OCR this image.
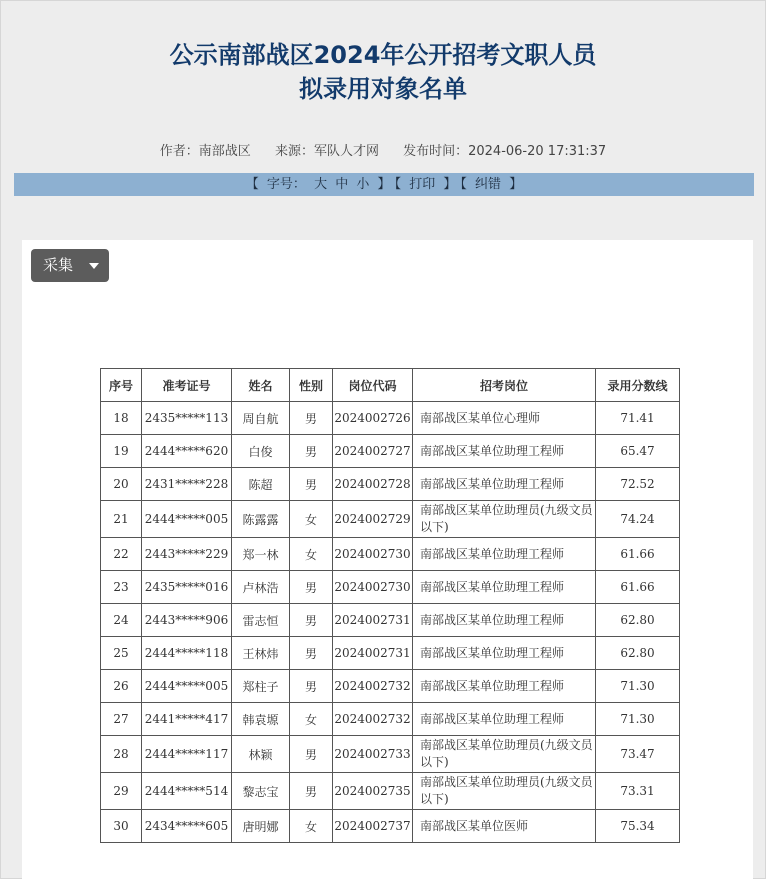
公示南部战区2024年公开招考文职人员
拟录用对象名单
作者：南部战区 来源：军队人才网 发布时间：2024-06-20 17:31:37
【 字号： 大 中 小 】 【 打印 】 【 纠错 】
采集
序号	准考证号	姓名	性别	岗位代码	招考岗位	录用分数线
18	2435*****113	周自航	男	2024002726	南部战区某单位心理师	71.41
19	2444*****620	白俊	男	2024002727	南部战区某单位助理工程师	65.47
20	2431*****228	陈超	男	2024002728	南部战区某单位助理工程师	72.52
21	2444*****005	陈露露	女	2024002729	南部战区某单位助理员(九级文员以下)	74.24
22	2443*****229	郑一林	女	2024002730	南部战区某单位助理工程师	61.66
23	2435*****016	卢林浩	男	2024002730	南部战区某单位助理工程师	61.66
24	2443*****906	雷志恒	男	2024002731	南部战区某单位助理工程师	62.80
25	2444*****118	王林炜	男	2024002731	南部战区某单位助理工程师	62.80
26	2444*****005	郑柱子	男	2024002732	南部战区某单位助理工程师	71.30
27	2441*****417	韩袁塬	女	2024002732	南部战区某单位助理工程师	71.30
28	2444*****117	林颖	男	2024002733	南部战区某单位助理员(九级文员以下)	73.47
29	2444*****514	黎志宝	男	2024002735	南部战区某单位助理员(九级文员以下)	73.31
30	2434*****605	唐明娜	女	2024002737	南部战区某单位医师	75.34
